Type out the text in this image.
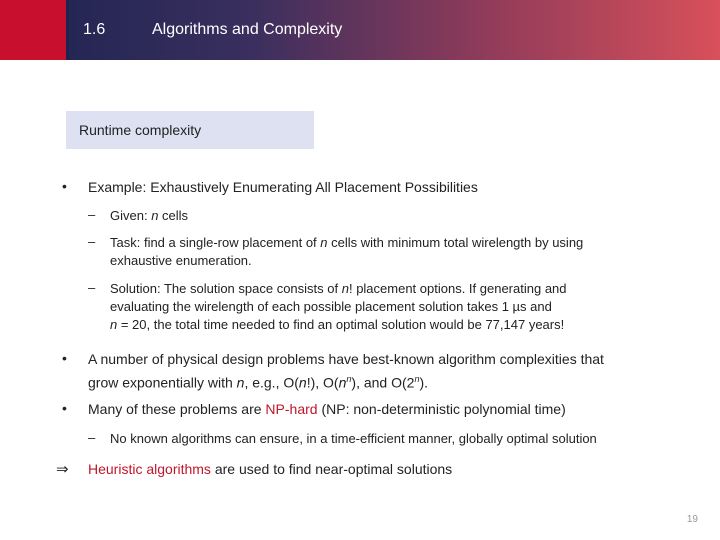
1.6	Algorithms and Complexity
Runtime complexity
• Example: Exhaustively Enumerating All Placement Possibilities
– Given: n cells
– Task: find a single-row placement of n cells with minimum total wirelength by using
exhaustive enumeration.
– Solution: The solution space consists of n! placement options. If generating and
evaluating the wirelength of each possible placement solution takes 1 µs and
n = 20, the total time needed to find an optimal solution would be 77,147 years!
• A number of physical design problems have best-known algorithm complexities that
grow exponentially with n, e.g., O(n!), $O(n^n)$, and O(2$^n$).
• Many of these problems are NP-hard (NP: non-deterministic polynomial time)
– No known algorithms can ensure, in a time-efficient manner, globally optimal solution
⇒ Heuristic algorithms are used to find near-optimal solutions
19
